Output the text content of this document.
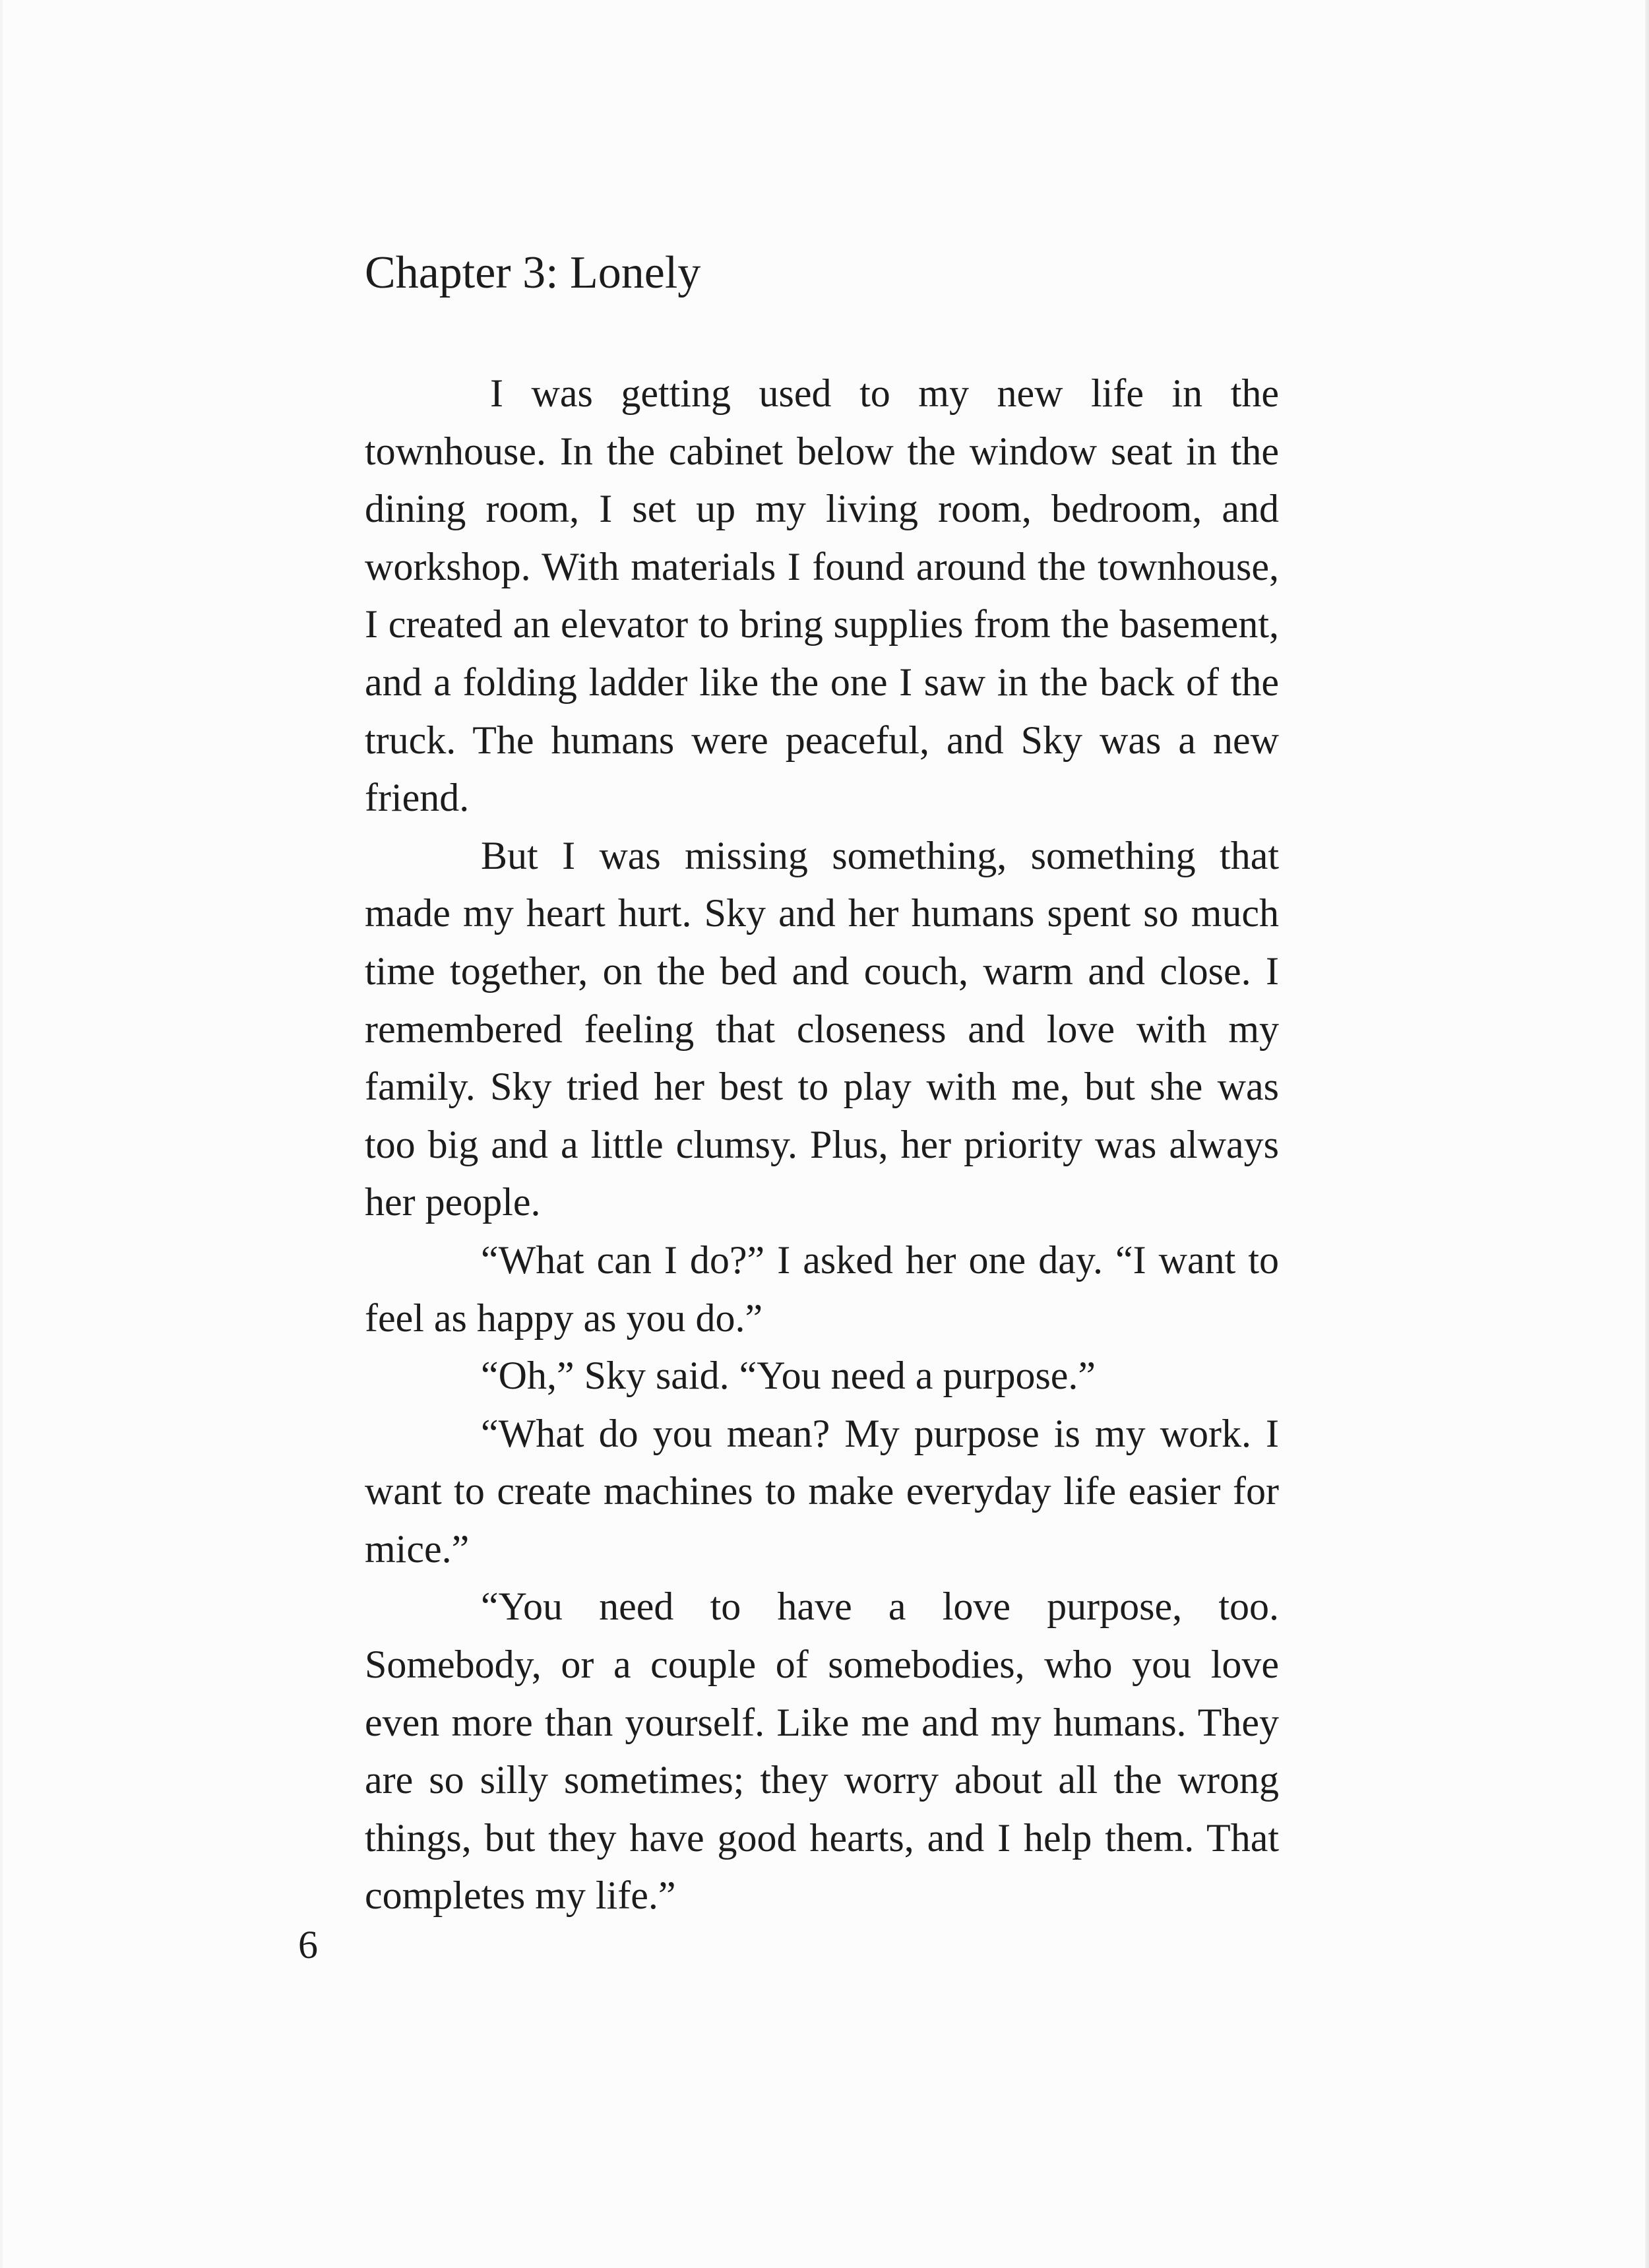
Chapter 3: Lonely

I was getting used to my new life in the townhouse. In the cabinet below the window seat in the dining room, I set up my living room, bedroom, and workshop. With materials I found around the townhouse, I created an elevator to bring supplies from the basement, and a folding ladder like the one I saw in the back of the truck. The humans were peaceful, and Sky was a new friend.

But I was missing something, something that made my heart hurt. Sky and her humans spent so much time together, on the bed and couch, warm and close. I remembered feeling that closeness and love with my family. Sky tried her best to play with me, but she was too big and a little clumsy. Plus, her priority was always her people.

“What can I do?” I asked her one day. “I want to feel as happy as you do.”

“Oh,” Sky said. “You need a purpose.”

“What do you mean? My purpose is my work. I want to create machines to make everyday life easier for mice.”

“You need to have a love purpose, too. Somebody, or a couple of somebodies, who you love even more than yourself. Like me and my humans. They are so silly sometimes; they worry about all the wrong things, but they have good hearts, and I help them. That completes my life.”

6
